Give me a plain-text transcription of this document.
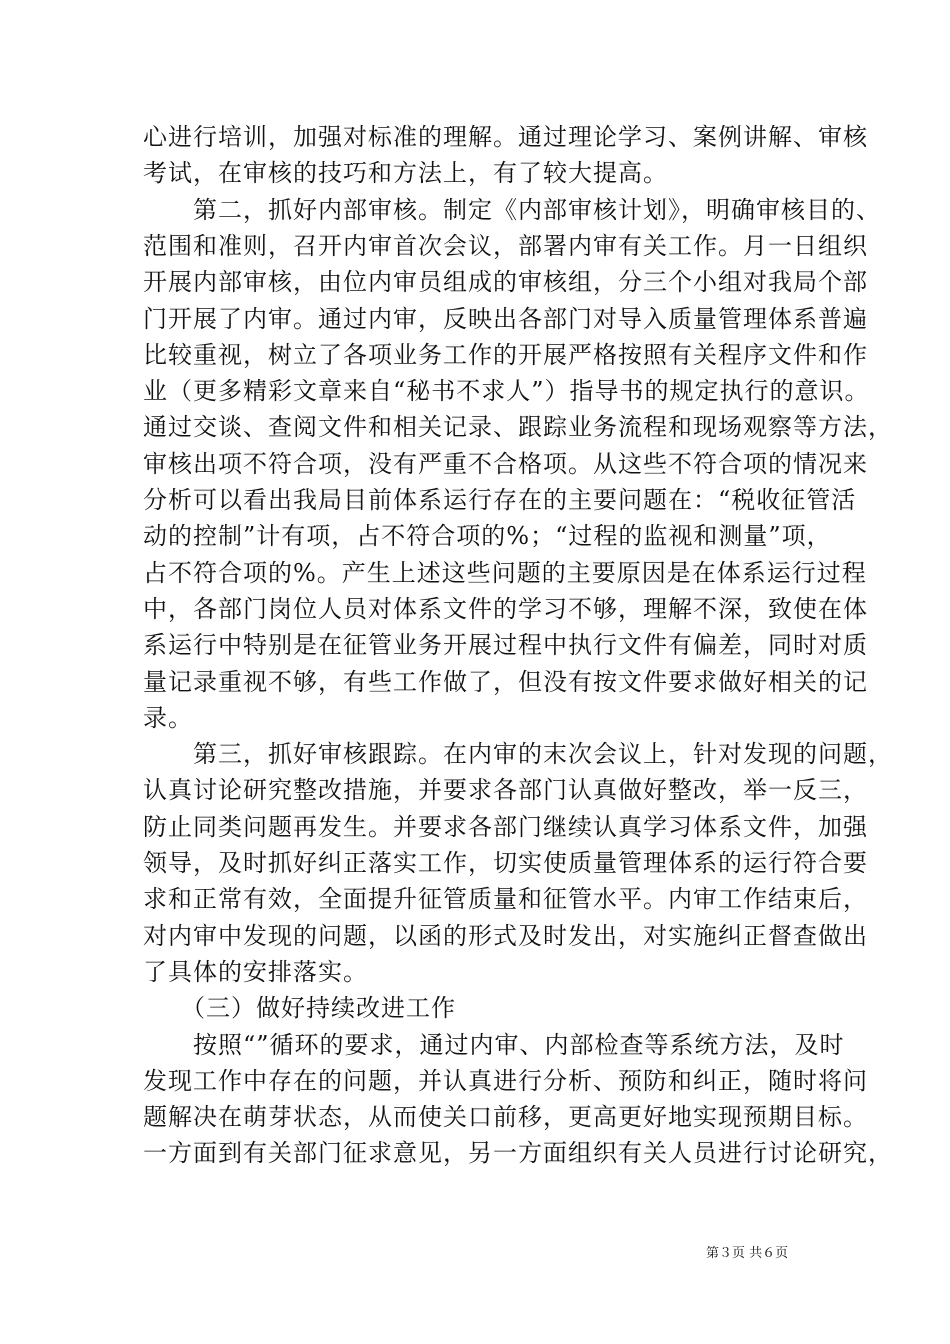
心进行培训，加强对标准的理解。通过理论学习、案例讲解、审核
考试，在审核的技巧和方法上，有了较大提高。
　　第二，抓好内部审核。制定《内部审核计划》，明确审核目的、
范围和准则，召开内审首次会议，部署内审有关工作。月一日组织
开展内部审核，由位内审员组成的审核组，分三个小组对我局个部
门开展了内审。通过内审，反映出各部门对导入质量管理体系普遍
比较重视，树立了各项业务工作的开展严格按照有关程序文件和作
业（更多精彩文章来自“秘书不求人”）指导书的规定执行的意识。
通过交谈、查阅文件和相关记录、跟踪业务流程和现场观察等方法，
审核出项不符合项，没有严重不合格项。从这些不符合项的情况来
分析可以看出我局目前体系运行存在的主要问题在：“税收征管活
动的控制”计有项，占不符合项的%；“过程的监视和测量”项，
占不符合项的%。产生上述这些问题的主要原因是在体系运行过程
中，各部门岗位人员对体系文件的学习不够，理解不深，致使在体
系运行中特别是在征管业务开展过程中执行文件有偏差，同时对质
量记录重视不够，有些工作做了，但没有按文件要求做好相关的记
录。
　　第三，抓好审核跟踪。在内审的末次会议上，针对发现的问题，
认真讨论研究整改措施，并要求各部门认真做好整改，举一反三，
防止同类问题再发生。并要求各部门继续认真学习体系文件，加强
领导，及时抓好纠正落实工作，切实使质量管理体系的运行符合要
求和正常有效，全面提升征管质量和征管水平。内审工作结束后，
对内审中发现的问题，以函的形式及时发出，对实施纠正督查做出
了具体的安排落实。
　　（三）做好持续改进工作
　　按照“”循环的要求，通过内审、内部检查等系统方法，及时
发现工作中存在的问题，并认真进行分析、预防和纠正，随时将问
题解决在萌芽状态，从而使关口前移，更高更好地实现预期目标。
一方面到有关部门征求意见，另一方面组织有关人员进行讨论研究，
第３页 共６页
